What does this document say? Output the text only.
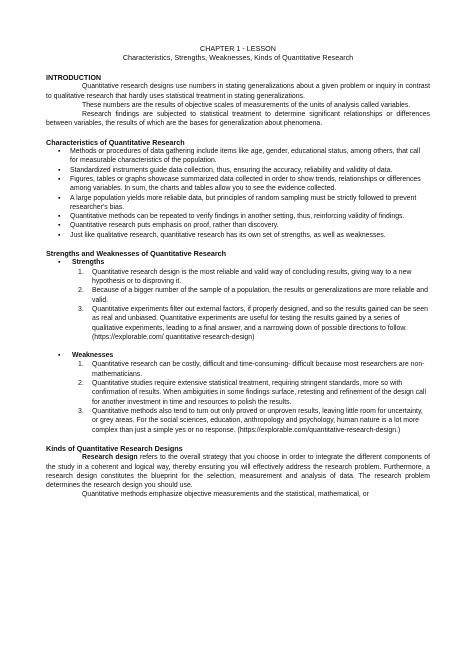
CHAPTER 1 - LESSON
Characteristics, Strengths, Weaknesses, Kinds of Quantitative Research
INTRODUCTION

Quantitative research designs use numbers in stating generalizations about a given problem or inquiry in contrast to qualitative research that hardly uses statistical treatment in stating generalizations.

These numbers are the results of objective scales of measurements of the units of analysis called variables.

Research findings are subjected to statistical treatment to determine significant relationships or differences between variables, the results of which are the bases for generalization about phenomena.

Characteristics of Quantitative Research
▪ Methods or procedures of data gathering include items like age, gender, educational status, among others, that call for measurable characteristics of the population.
▪ Standardized instruments guide data collection, thus, ensuring the accuracy, reliability and validity of data.
▪ Figures, tables or graphs showcase summarized data collected in order to show trends, relationships or differences among variables. In sum, the charts and tables allow you to see the evidence collected.
▪ A large population yields more reliable data, but principles of random sampling must be strictly followed to prevent researcher's bias.
▪ Quantitative methods can be repeated to verify findings in another setting, thus, reinforcing validity of findings.
▪ Quantitative research puts emphasis on proof, rather than discovery.
▪ Just like qualitative research, quantitative research has its own set of strengths, as well as weaknesses.
Strengths and Weaknesses of Quantitative Research
▪ Strengths
1. Quantitative research design is the most reliable and valid way of concluding results, giving way to a new hypothesis or to disproving it.
2. Because of a bigger number of the sample of a population, the results or generalizations are more reliable and valid.
3. Quantitative experiments filter out external factors, if properly designed, and so the results gained can be seen as real and unbiased. Quantitative experiments are useful for testing the results gained by a series of qualitative experiments, leading to a final answer, and a narrowing down of possible directions to follow. (https://explorable.com/ quantitative research-design)
▪ Weaknesses
1. Quantitative research can be costly, difficult and time-consuming- difficult because most researchers are non-mathematicians.
2. Quantitative studies require extensive statistical treatment, requiring stringent standards, more so with confirmation of results. When ambiguities in some findings surface, retesting and refinement of the design call for another investment in time and resources to polish the results.
3. Quantitative methods also tend to turn out only proved or unproven results, leaving little room for uncertainty, or grey areas. For the social sciences, education, anthropology and psychology, human nature is a lot more complex than just a simple yes or no response. (https://explorable.com/quantitative-research-design.)
Kinds of Quantitative Research Designs

Research design refers to the overall strategy that you choose in order to integrate the different components of the study in a coherent and logical way, thereby ensuring you will effectively address the research problem. Furthermore, a research design constitutes the blueprint for the selection, measurement and analysis of data. The research problem determines the research design you should use.

Quantitative methods emphasize objective measurements and the statistical, mathematical, or
